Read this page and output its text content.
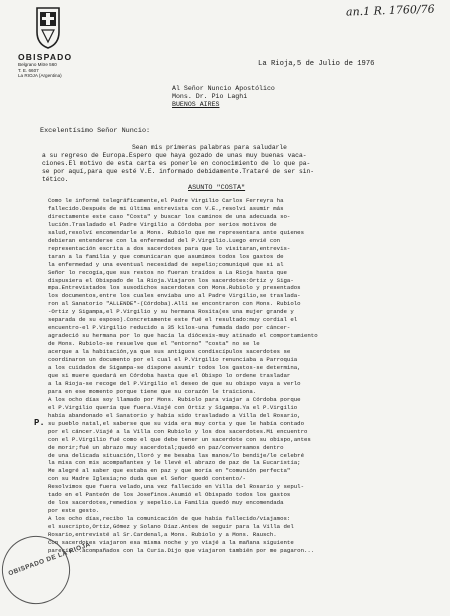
OBISPADO
Belgrano Mitre 560
T. E. 6607
La RIOJA (Argentina)
an.1 R. 1760/76
La Rioja,5 de Julio de 1976
Al Señor Nuncio Apostólico
Mons. Dr. Pio Laghi
BUENOS AIRES
Excelentísimo Señor Nuncio:
Sean mis primeras palabras para saludarle
a su regreso de Europa.Espero que haya gozado de unas muy buenas vaca-
ciones.El motivo de esta carta es ponerle en conocimiento de lo que pa-
se por aquí,para que esté V.E. informado debidamente.Trataré de ser sin-
tético.
ASUNTO "COSTA"
Como le informé telegráficamente,el Padre Virgilio Carlos Ferreyra ha
fallecido.Después de mi última entrevista con V.E.,resolví asumir más
directamente este caso "Costa" y buscar los caminos de una adecuada so-
lución.Trasladado el Padre Virgilio a Córdoba por serios motivos de
salud,resolví encomendarle a Mons. Rubiolo que me representara ante quienes
debieran entenderse con la enfermedad del P.Virgilio.Luego envié con
representación escrita a dos sacerdotes para que lo visitaran,entrevis-
taran a la familia y que comunicaran que asumimos todos los gastos de
la enfermedad y una eventual necesidad de sepelio;comuniqué que si al
Señor lo recogía,que sus restos no fueran traídos a La Rioja hasta que
dispusiera el Obispado de la Rioja.Viajaron los sacerdotes:Ortiz y Siga-
mpa.Entrevistados los susodichos sacerdotes con Mons.Rubiolo y presentados
los documentos,entre los cuales envíaba uno al Padre Virgilio,se traslada-
ron al Sanatorio "ALLENDE"-(Córdoba).Allí se encontraron con Mons. Rubiolo
-Ortiz y Sigampa,el P.Virgilio y su hermana Rosita(es una mujer grande y
separada de su esposo).Concretamente este fué el resultado:muy cordial el
encuentro-el P.Virgilio reducido a 35 kilos-una fumada dado por cáncer-
agradeció su hermana por lo que hacía la diócesis-muy atinado el comportamiento
de Mons. Rubiolo-se resuelve que el "entorno" "costa" no se le
acerque a la habitación,ya que sus antiguos condiscípulos sacerdotes se
coordinaron un documento por el cual el P.Virgilio renunciaba a Parroquia
a los cuidados de Sigampa-se dispone asumir todos los gastos-se determina,
que si muere quedará en Córdoba hasta que el Obispo lo ordene trasladar
a la Rioja-se recoge del P.Virgilio el deseo de que su obispo vaya a verlo
para en ese momento porque tiene que su corazón le traiciona.
A los ocho días soy llamado por Mons. Rubiolo para viajar a Córdoba porque
el P.Virgilio quería que fuera.Viajé con Ortiz y Sigampa.Ya el P.Virgilio
había abandonado el Sanatorio y había sido trasladado a Villa del Rosario,
su pueblo natal,el saberse que su vida era muy corta y que le había contado
por el cáncer.Viajé a la Villa con Rubiolo y los dos sacerdotes.Mi encuentro
con el P.Virgilio fué como el que debe tener un sacerdote con su obispo,antes
de morir;fué un abrazo muy sacerdotal;quedó en paz/conversamos dentro
de una delicada situación,lloró y me besaba las manos/lo bendije/le celebré
la misa con mis acompañantes y le llevé el abrazo de paz de la Eucaristía;
Me alegré al saber que estaba en paz y que moría en "comunión perfecta"
con su Madre Iglesia;no duda que el Señor quedó contento/-
Resolvimos que fuera velado,una vez fallecido en Villa del Rosario y sepul-
tado en el Panteón de los Josefinos.Asumió el Obispado todos los gastos
de los sacerdotes,remedios y sepelio.La Familia quedó muy encomendada
por este gesto.
A los ocho días,recibo la comunicación de que había fallecido/viajamos:
el suscripto,Ortiz,Gómez y Solano Díaz.Antes de seguir para la Villa del
Rosario,entrevisté al Sr.Cardenal,a Mons. Rubiolo y a Mons. Rausch.
Con sacerdotes viajaron esa misma noche y yo viajé a la mañana siguiente
parecía...acompañados con la Curia.Dijo que viajaron también por me pagaron...
P.
OBISPADO DE LA RIOJA
